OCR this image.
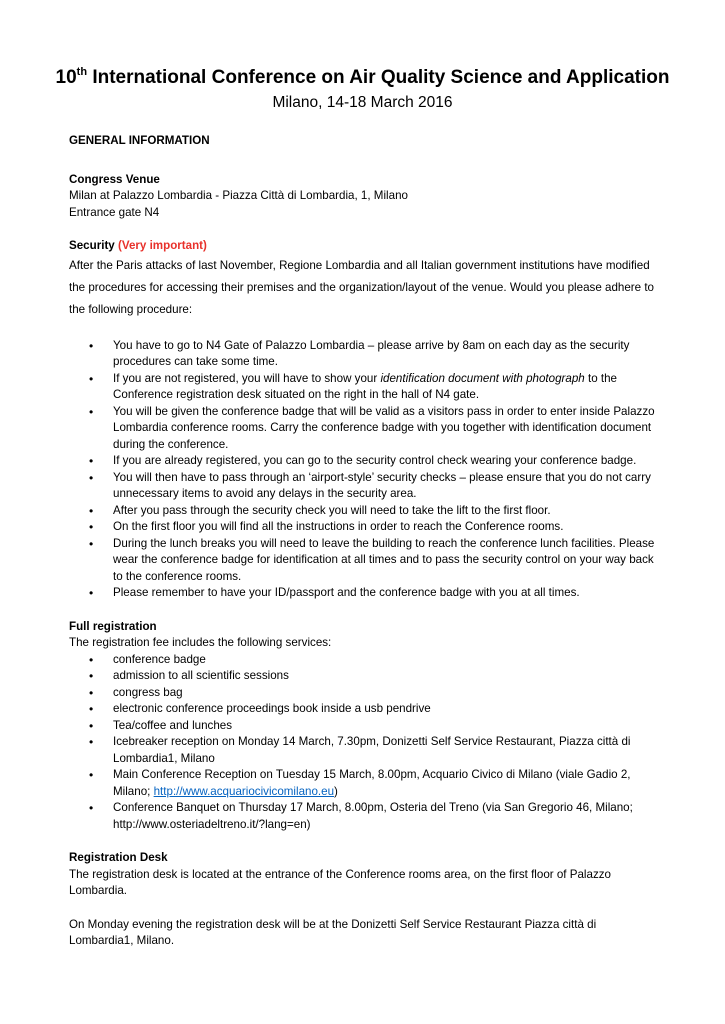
10th International Conference on Air Quality Science and Application
Milano, 14-18 March 2016

GENERAL INFORMATION

Congress Venue

Milan at Palazzo Lombardia - Piazza Città di Lombardia, 1, Milano

Entrance gate N4

Security (Very important)

After the Paris attacks of last November, Regione Lombardia and all Italian government institutions have modified the procedures for accessing their premises and the organization/layout of the venue. Would you please adhere to the following procedure:

• You have to go to N4 Gate of Palazzo Lombardia – please arrive by 8am on each day as the security procedures can take some time.
• If you are not registered, you will have to show your identification document with photograph to the Conference registration desk situated on the right in the hall of N4 gate.
• You will be given the conference badge that will be valid as a visitors pass in order to enter inside Palazzo Lombardia conference rooms. Carry the conference badge with you together with identification document during the conference.
• If you are already registered, you can go to the security control check wearing your conference badge.
• You will then have to pass through an ‘airport-style’ security checks – please ensure that you do not carry unnecessary items to avoid any delays in the security area.
• After you pass through the security check you will need to take the lift to the first floor.
• On the first floor you will find all the instructions in order to reach the Conference rooms.
• During the lunch breaks you will need to leave the building to reach the conference lunch facilities. Please wear the conference badge for identification at all times and to pass the security control on your way back to the conference rooms.
• Please remember to have your ID/passport and the conference badge with you at all times.

Full registration

The registration fee includes the following services:

• conference badge
• admission to all scientific sessions
• congress bag
• electronic conference proceedings book inside a usb pendrive
• Tea/coffee and lunches
• Icebreaker reception on Monday 14 March, 7.30pm, Donizetti Self Service Restaurant, Piazza città di Lombardia1, Milano
• Main Conference Reception on Tuesday 15 March, 8.00pm, Acquario Civico di Milano (viale Gadio 2, Milano; http://www.acquariocivicomilano.eu)
• Conference Banquet on Thursday 17 March, 8.00pm, Osteria del Treno (via San Gregorio 46, Milano; http://www.osteriadeltreno.it/?lang=en)

Registration Desk

The registration desk is located at the entrance of the Conference rooms area, on the first floor of Palazzo Lombardia.

On Monday evening the registration desk will be at the Donizetti Self Service Restaurant Piazza città di Lombardia1, Milano.
